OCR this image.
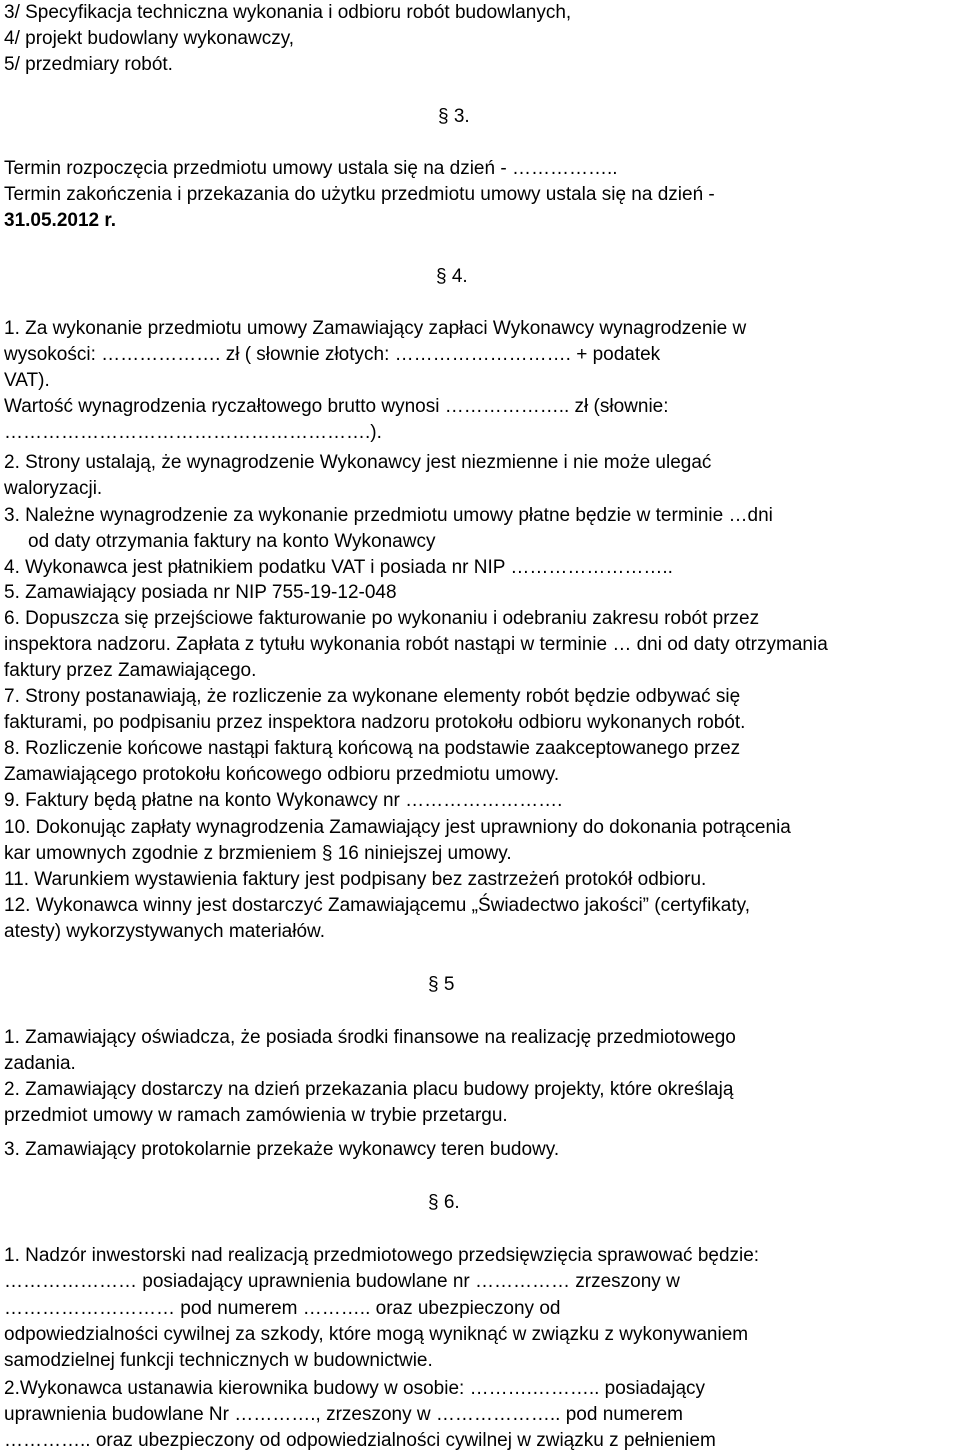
3/ Specyfikacja techniczna wykonania i odbioru robót budowlanych,
4/ projekt budowlany wykonawczy,
5/ przedmiary robót.
§ 3.
Termin rozpoczęcia przedmiotu umowy ustala się na dzień - ……………..
Termin zakończenia i przekazania do użytku przedmiotu umowy ustala się na dzień -
31.05.2012 r.
§ 4.
1. Za wykonanie przedmiotu umowy Zamawiający zapłaci Wykonawcy wynagrodzenie w
wysokości: ………………. zł ( słownie złotych: ………………………. + podatek
VAT).
Wartość wynagrodzenia ryczałtowego brutto wynosi ……………….. zł (słownie:
………………………………………………….).
2. Strony ustalają, że wynagrodzenie Wykonawcy jest niezmienne i nie może ulegać
waloryzacji.
3. Należne wynagrodzenie za wykonanie przedmiotu umowy płatne będzie w terminie …dni
od daty otrzymania faktury na konto Wykonawcy
4. Wykonawca jest płatnikiem podatku VAT i posiada nr NIP ……………………..
5. Zamawiający posiada nr NIP 755-19-12-048
6. Dopuszcza się przejściowe fakturowanie po wykonaniu i odebraniu zakresu robót przez
inspektora nadzoru. Zapłata z tytułu wykonania robót nastąpi w terminie … dni od daty otrzymania
faktury przez Zamawiającego.
7. Strony postanawiają, że rozliczenie za wykonane elementy robót będzie odbywać się
fakturami, po podpisaniu przez inspektora nadzoru protokołu odbioru wykonanych robót.
8. Rozliczenie końcowe nastąpi fakturą końcową na podstawie zaakceptowanego przez
Zamawiającego protokołu końcowego odbioru przedmiotu umowy.
9. Faktury będą płatne na konto Wykonawcy nr …………………….
10. Dokonując zapłaty wynagrodzenia Zamawiający jest uprawniony do dokonania potrącenia
kar umownych zgodnie z brzmieniem § 16 niniejszej umowy.
11. Warunkiem wystawienia faktury jest podpisany bez zastrzeżeń protokół odbioru.
12. Wykonawca winny jest dostarczyć Zamawiającemu „Świadectwo jakości” (certyfikaty,
atesty) wykorzystywanych materiałów.
§ 5
1. Zamawiający oświadcza, że posiada środki finansowe na realizację przedmiotowego
zadania.
2. Zamawiający dostarczy na dzień przekazania placu budowy projekty, które określają
przedmiot umowy w ramach zamówienia w trybie przetargu.
3. Zamawiający protokolarnie przekaże wykonawcy teren budowy.
§ 6.
1. Nadzór inwestorski nad realizacją przedmiotowego przedsięwzięcia sprawować będzie:
………………… posiadający uprawnienia budowlane nr …………… zrzeszony w
……………………… pod numerem ……….. oraz ubezpieczony od
odpowiedzialności cywilnej za szkody, które mogą wyniknąć w związku z wykonywaniem
samodzielnej funkcji technicznych w budownictwie.
2.Wykonawca ustanawia kierownika budowy w osobie: ……….……….. posiadający
uprawnienia budowlane Nr …………., zrzeszony w ……………….. pod numerem
………….. oraz ubezpieczony od odpowiedzialności cywilnej w związku z pełnieniem
